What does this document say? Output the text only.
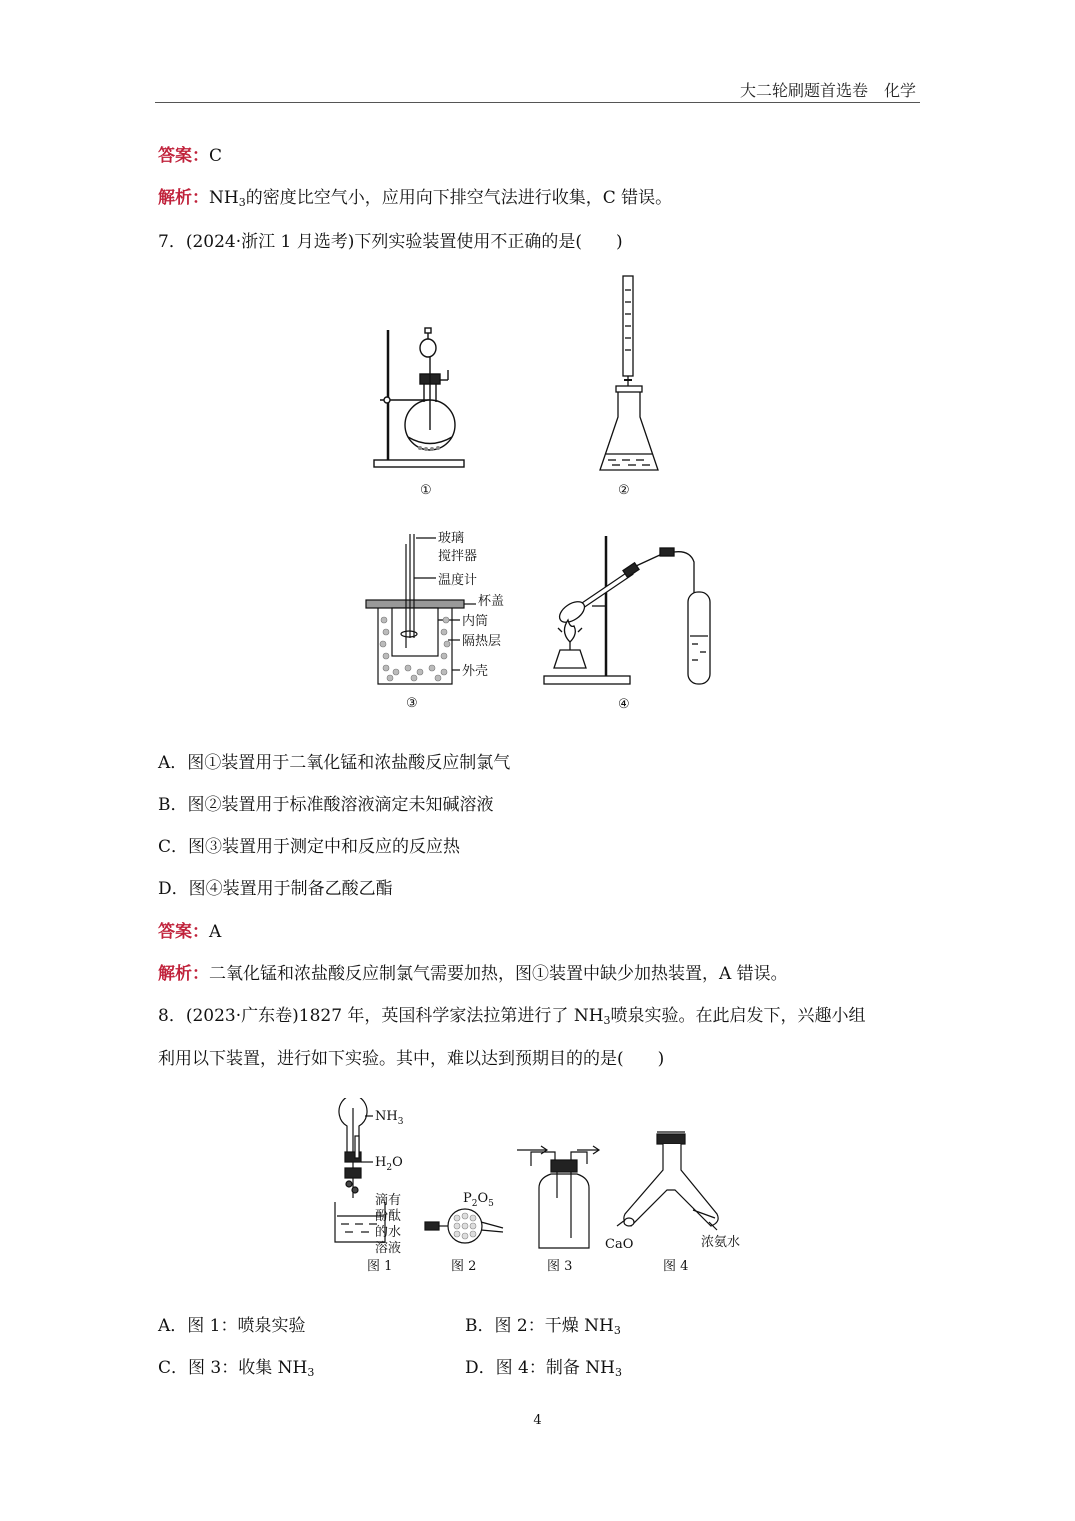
大二轮刷题首选卷　化学
答案：C
解析：$NH_3$的密度比空气小，应用向下排空气法进行收集，C 错误。
7．(2024·浙江 1 月选考)下列实验装置使用不正确的是(　　)
①	②
玻璃
搅拌器
温度计
杯盖
内筒
隔热层
外壳
③	④
A．图①装置用于二氧化锰和浓盐酸反应制氯气
B．图②装置用于标准酸溶液滴定未知碱溶液
C．图③装置用于测定中和反应的反应热
D．图④装置用于制备乙酸乙酯
答案：A
解析：二氧化锰和浓盐酸反应制氯气需要加热，图①装置中缺少加热装置，A 错误。
8．(2023·广东卷)1827 年，英国科学家法拉第进行了 $NH_3$喷泉实验。在此启发下，兴趣小组
利用以下装置，进行如下实验。其中，难以达到预期目的的是(　　)
$NH_3$
$H_2O$
滴有
酚酞
的水
溶液
$P_2O_5$
CaO	浓氨水
图 1	图 2	图 3	图 4
A．图 1：喷泉实验	B．图 2：干燥 $NH_3$
C．图 3：收集 $NH_3$	D．图 4：制备 $NH_3$
4
